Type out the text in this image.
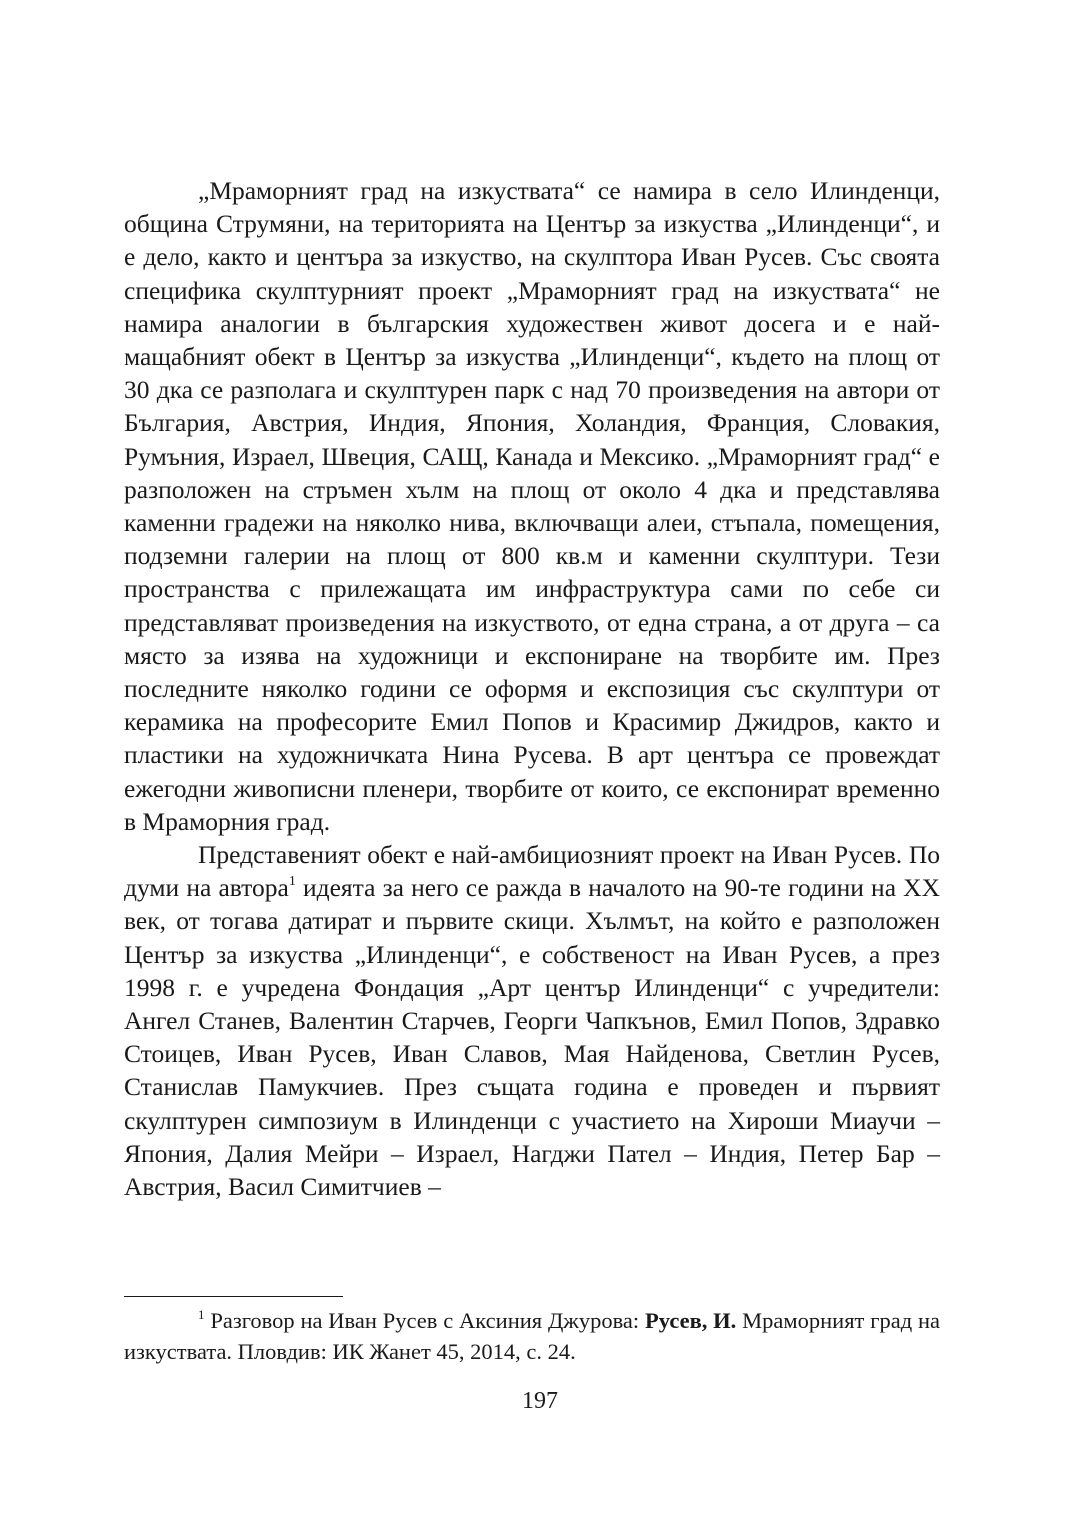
„Мраморният град на изкуствата“ се намира в село Илинденци, община Струмяни, на територията на Център за изкуства „Илинденци“, и е дело, както и центъра за изкуство, на скулптора Иван Русев. Със своята специфика скулптурният проект „Мраморният град на изкуствата“ не намира аналогии в българския художествен живот досега и е най-мащабният обект в Център за изкуства „Илинденци“, където на площ от 30 дка се разполага и скулптурен парк с над 70 произведения на автори от България, Австрия, Индия, Япония, Холандия, Франция, Словакия, Румъния, Израел, Швеция, САЩ, Канада и Мексико. „Мраморният град“ е разположен на стръмен хълм на площ от около 4 дка и представлява каменни градежи на няколко нива, включващи алеи, стъпала, помещения, подземни галерии на площ от 800 кв.м и каменни скулптури. Тези пространства с прилежащата им инфраструктура сами по себе си представляват произведения на изкуството, от една страна, а от друга – са място за изява на художници и експониране на творбите им. През последните няколко години се оформя и експозиция със скулптури от керамика на професорите Емил Попов и Красимир Джидров, както и пластики на художничката Нина Русева. В арт центъра се провеждат ежегодни живописни пленери, творбите от които, се експонират временно в Мраморния град.

Представеният обект е най-амбициозният проект на Иван Русев. По думи на автора$^1$ идеята за него се ражда в началото на 90-те години на XX век, от тогава датират и първите скици. Хълмът, на който е разположен Център за изкуства „Илинденци“, е собственост на Иван Русев, а през 1998 г. е учредена Фондация „Арт център Илинденци“ с учредители: Ангел Станев, Валентин Старчев, Георги Чапкънов, Емил Попов, Здравко Стоицев, Иван Русев, Иван Славов, Мая Найденова, Светлин Русев, Станислав Памукчиев. През същата година е проведен и първият скулптурен симпозиум в Илинденци с участието на Хироши Миаучи – Япония, Далия Мейри – Израел, Нагджи Пател – Индия, Петер Бар – Австрия, Васил Симитчиев –

$^1$ Разговор на Иван Русев с Аксиния Джурова: Русев, И. Мраморният град на изкуствата. Пловдив: ИК Жанет 45, 2014, с. 24.

197
